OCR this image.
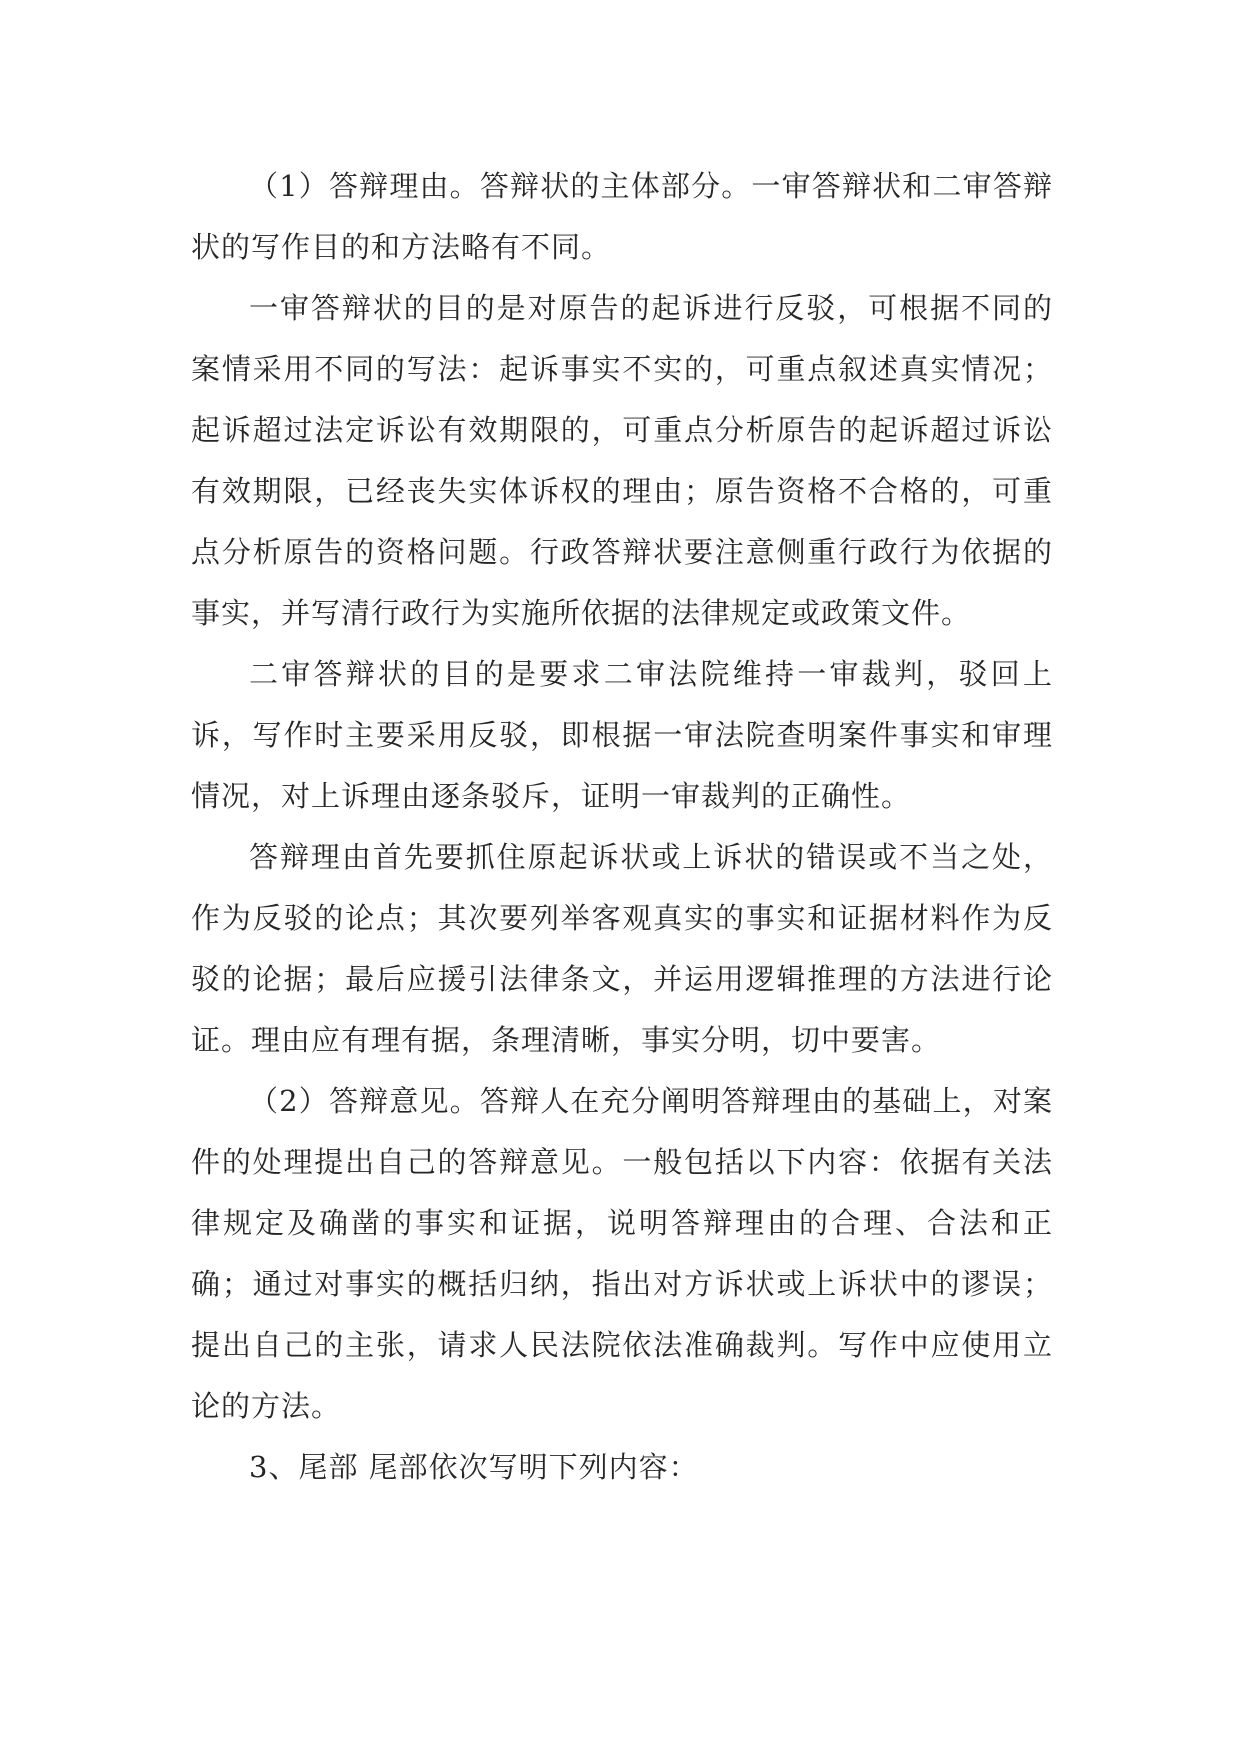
（1）答辩理由。答辩状的主体部分。一审答辩状和二审答辩状的写作目的和方法略有不同。

一审答辩状的目的是对原告的起诉进行反驳，可根据不同的案情采用不同的写法：起诉事实不实的，可重点叙述真实情况；起诉超过法定诉讼有效期限的，可重点分析原告的起诉超过诉讼有效期限，已经丧失实体诉权的理由；原告资格不合格的，可重点分析原告的资格问题。行政答辩状要注意侧重行政行为依据的事实，并写清行政行为实施所依据的法律规定或政策文件。

二审答辩状的目的是要求二审法院维持一审裁判，驳回上诉，写作时主要采用反驳，即根据一审法院查明案件事实和审理情况，对上诉理由逐条驳斥，证明一审裁判的正确性。

答辩理由首先要抓住原起诉状或上诉状的错误或不当之处，作为反驳的论点；其次要列举客观真实的事实和证据材料作为反驳的论据；最后应援引法律条文，并运用逻辑推理的方法进行论证。理由应有理有据，条理清晰，事实分明，切中要害。

（2）答辩意见。答辩人在充分阐明答辩理由的基础上，对案件的处理提出自己的答辩意见。一般包括以下内容：依据有关法律规定及确凿的事实和证据，说明答辩理由的合理、合法和正确；通过对事实的概括归纳，指出对方诉状或上诉状中的谬误；提出自己的主张，请求人民法院依法准确裁判。写作中应使用立论的方法。

3、尾部 尾部依次写明下列内容：
